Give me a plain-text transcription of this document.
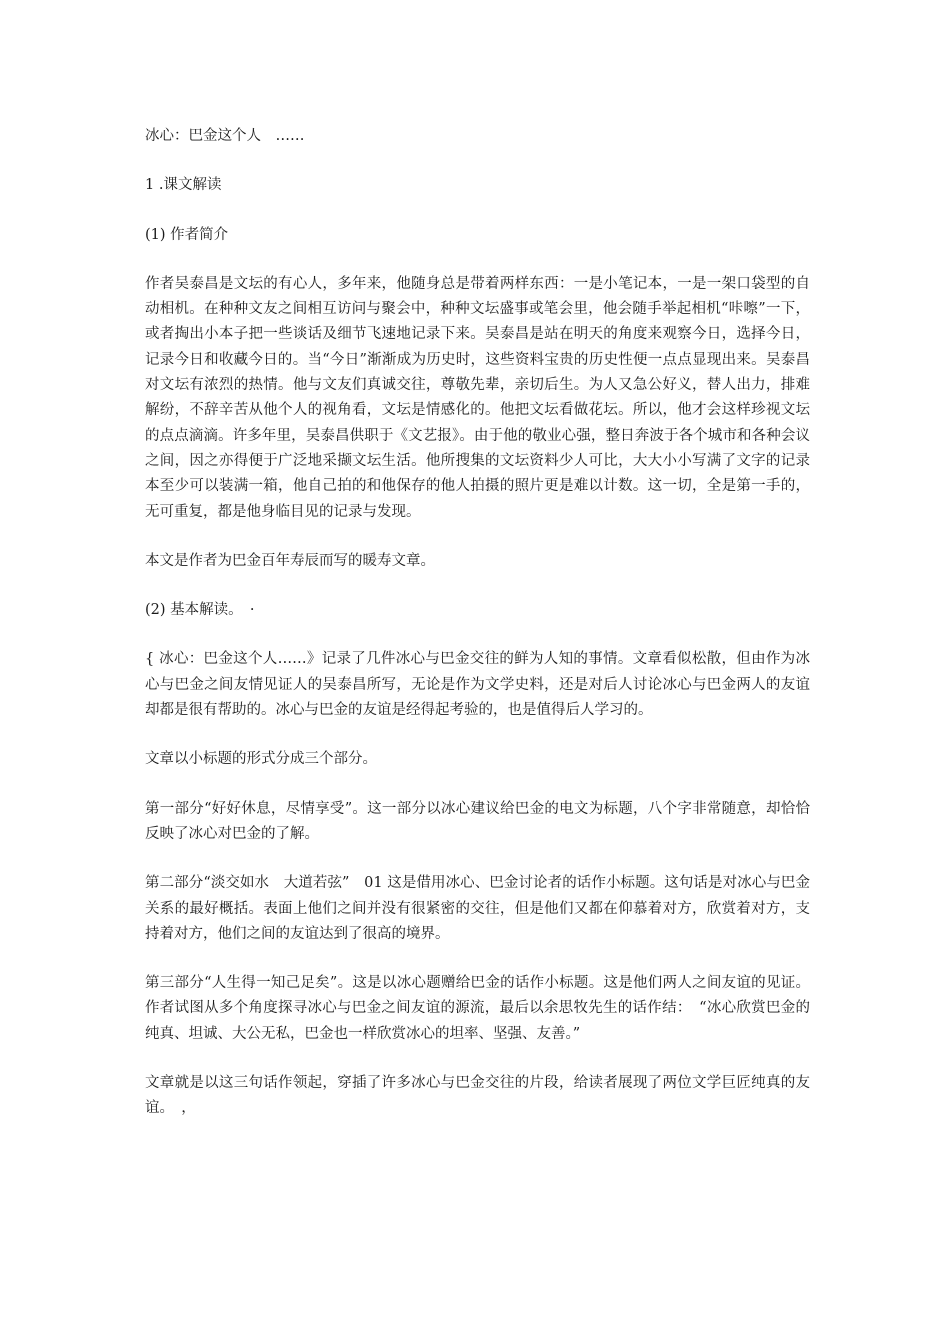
冰心：巴金这个人　……

1 .课文解读

(1) 作者简介

作者吴泰昌是文坛的有心人，多年来，他随身总是带着两样东西：一是小笔记本，一是一架口袋型的自动相机。在种种文友之间相互访问与聚会中，种种文坛盛事或笔会里，他会随手举起相机“咔嚓”一下，或者掏出小本子把一些谈话及细节飞速地记录下来。吴泰昌是站在明天的角度来观察今日，选择今日，记录今日和收藏今日的。当“今日”渐渐成为历史时，这些资料宝贵的历史性便一点点显现出来。吴泰昌对文坛有浓烈的热情。他与文友们真诚交往，尊敬先辈，亲切后生。为人又急公好义，替人出力，排难解纷，不辞辛苦从他个人的视角看，文坛是情感化的。他把文坛看做花坛。所以，他才会这样珍视文坛的点点滴滴。许多年里，吴泰昌供职于《文艺报》。由于他的敬业心强，整日奔波于各个城市和各种会议之间，因之亦得便于广泛地采撷文坛生活。他所搜集的文坛资料少人可比，大大小小写满了文字的记录本至少可以装满一箱，他自己拍的和他保存的他人拍摄的照片更是难以计数。这一切，全是第一手的，无可重复，都是他身临目见的记录与发现。

本文是作者为巴金百年寿辰而写的暖寿文章。

(2) 基本解读。　·

{ 冰心：巴金这个人……》记录了几件冰心与巴金交往的鲜为人知的事情。文章看似松散，但由作为冰心与巴金之间友情见证人的吴泰昌所写，无论是作为文学史料，还是对后人讨论冰心与巴金两人的友谊却都是很有帮助的。冰心与巴金的友谊是经得起考验的，也是值得后人学习的。

文章以小标题的形式分成三个部分。

第一部分“好好休息，尽情享受”。这一部分以冰心建议给巴金的电文为标题，八个字非常随意，却恰恰反映了冰心对巴金的了解。

第二部分“淡交如水　大道若弦”　01 这是借用冰心、巴金讨论者的话作小标题。这句话是对冰心与巴金关系的最好概括。表面上他们之间并没有很紧密的交往，但是他们又都在仰慕着对方，欣赏着对方，支持着对方，他们之间的友谊达到了很高的境界。

第三部分“人生得一知己足矣”。这是以冰心题赠给巴金的话作小标题。这是他们两人之间友谊的见证。作者试图从多个角度探寻冰心与巴金之间友谊的源流，最后以余思牧先生的话作结：　“冰心欣赏巴金的纯真、坦诚、大公无私，巴金也一样欣赏冰心的坦率、坚强、友善。”

文章就是以这三句话作领起，穿插了许多冰心与巴金交往的片段，给读者展现了两位文学巨匠纯真的友谊。　，
